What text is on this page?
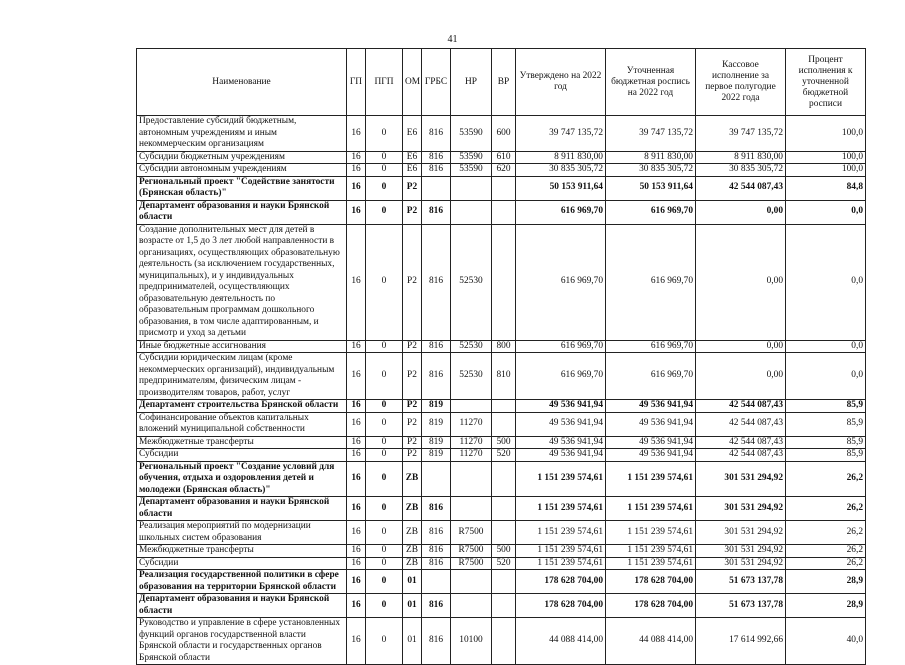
41
Наименование	ГП	ПГП	ОМ	ГРБС	НР	ВР	Утверждено на 2022 год	Уточненная бюджетная роспись на 2022 год	Кассовое исполнение за первое полугодие 2022 года	Процент исполнения к уточненной бюджетной росписи
Предоставление субсидий бюджетным, автономным учреждениям и иным некоммерческим организациям	16	0	Е6	816	53590	600	39 747 135,72	39 747 135,72	39 747 135,72	100,0
Субсидии бюджетным учреждениям	16	0	Е6	816	53590	610	8 911 830,00	8 911 830,00	8 911 830,00	100,0
Субсидии автономным учреждениям	16	0	Е6	816	53590	620	30 835 305,72	30 835 305,72	30 835 305,72	100,0
Региональный проект "Содействие занятости (Брянская область)"	16	0	P2				50 153 911,64	50 153 911,64	42 544 087,43	84,8
Департамент образования и науки Брянской области	16	0	P2	816			616 969,70	616 969,70	0,00	0,0
Создание дополнительных мест для детей в возрасте от 1,5 до 3 лет любой направленности в организациях, осуществляющих образовательную деятельность (за исключением государственных, муниципальных), и у индивидуальных предпринимателей, осуществляющих образовательную деятельность по образовательным программам дошкольного образования, в том числе адаптированным, и присмотр и уход за детьми	16	0	P2	816	52530		616 969,70	616 969,70	0,00	0,0
Иные бюджетные ассигнования	16	0	P2	816	52530	800	616 969,70	616 969,70	0,00	0,0
Субсидии юридическим лицам (кроме некоммерческих организаций), индивидуальным предпринимателям, физическим лицам - производителям товаров, работ, услуг	16	0	P2	816	52530	810	616 969,70	616 969,70	0,00	0,0
Департамент строительства Брянской области	16	0	P2	819			49 536 941,94	49 536 941,94	42 544 087,43	85,9
Софинансирование объектов капитальных вложений муниципальной собственности	16	0	P2	819	11270		49 536 941,94	49 536 941,94	42 544 087,43	85,9
Межбюджетные трансферты	16	0	P2	819	11270	500	49 536 941,94	49 536 941,94	42 544 087,43	85,9
Субсидии	16	0	P2	819	11270	520	49 536 941,94	49 536 941,94	42 544 087,43	85,9
Региональный проект "Создание условий для обучения, отдыха и оздоровления детей и молодежи (Брянская область)"	16	0	ZB				1 151 239 574,61	1 151 239 574,61	301 531 294,92	26,2
Департамент образования и науки Брянской области	16	0	ZB	816			1 151 239 574,61	1 151 239 574,61	301 531 294,92	26,2
Реализация мероприятий по модернизации школьных систем образования	16	0	ZB	816	R7500		1 151 239 574,61	1 151 239 574,61	301 531 294,92	26,2
Межбюджетные трансферты	16	0	ZB	816	R7500	500	1 151 239 574,61	1 151 239 574,61	301 531 294,92	26,2
Субсидии	16	0	ZB	816	R7500	520	1 151 239 574,61	1 151 239 574,61	301 531 294,92	26,2
Реализация государственной политики в сфере образования на территории Брянской области	16	0	01				178 628 704,00	178 628 704,00	51 673 137,78	28,9
Департамент образования и науки Брянской области	16	0	01	816			178 628 704,00	178 628 704,00	51 673 137,78	28,9
Руководство и управление в сфере установленных функций органов государственной власти Брянской области и государственных органов Брянской области	16	0	01	816	10100		44 088 414,00	44 088 414,00	17 614 992,66	40,0
